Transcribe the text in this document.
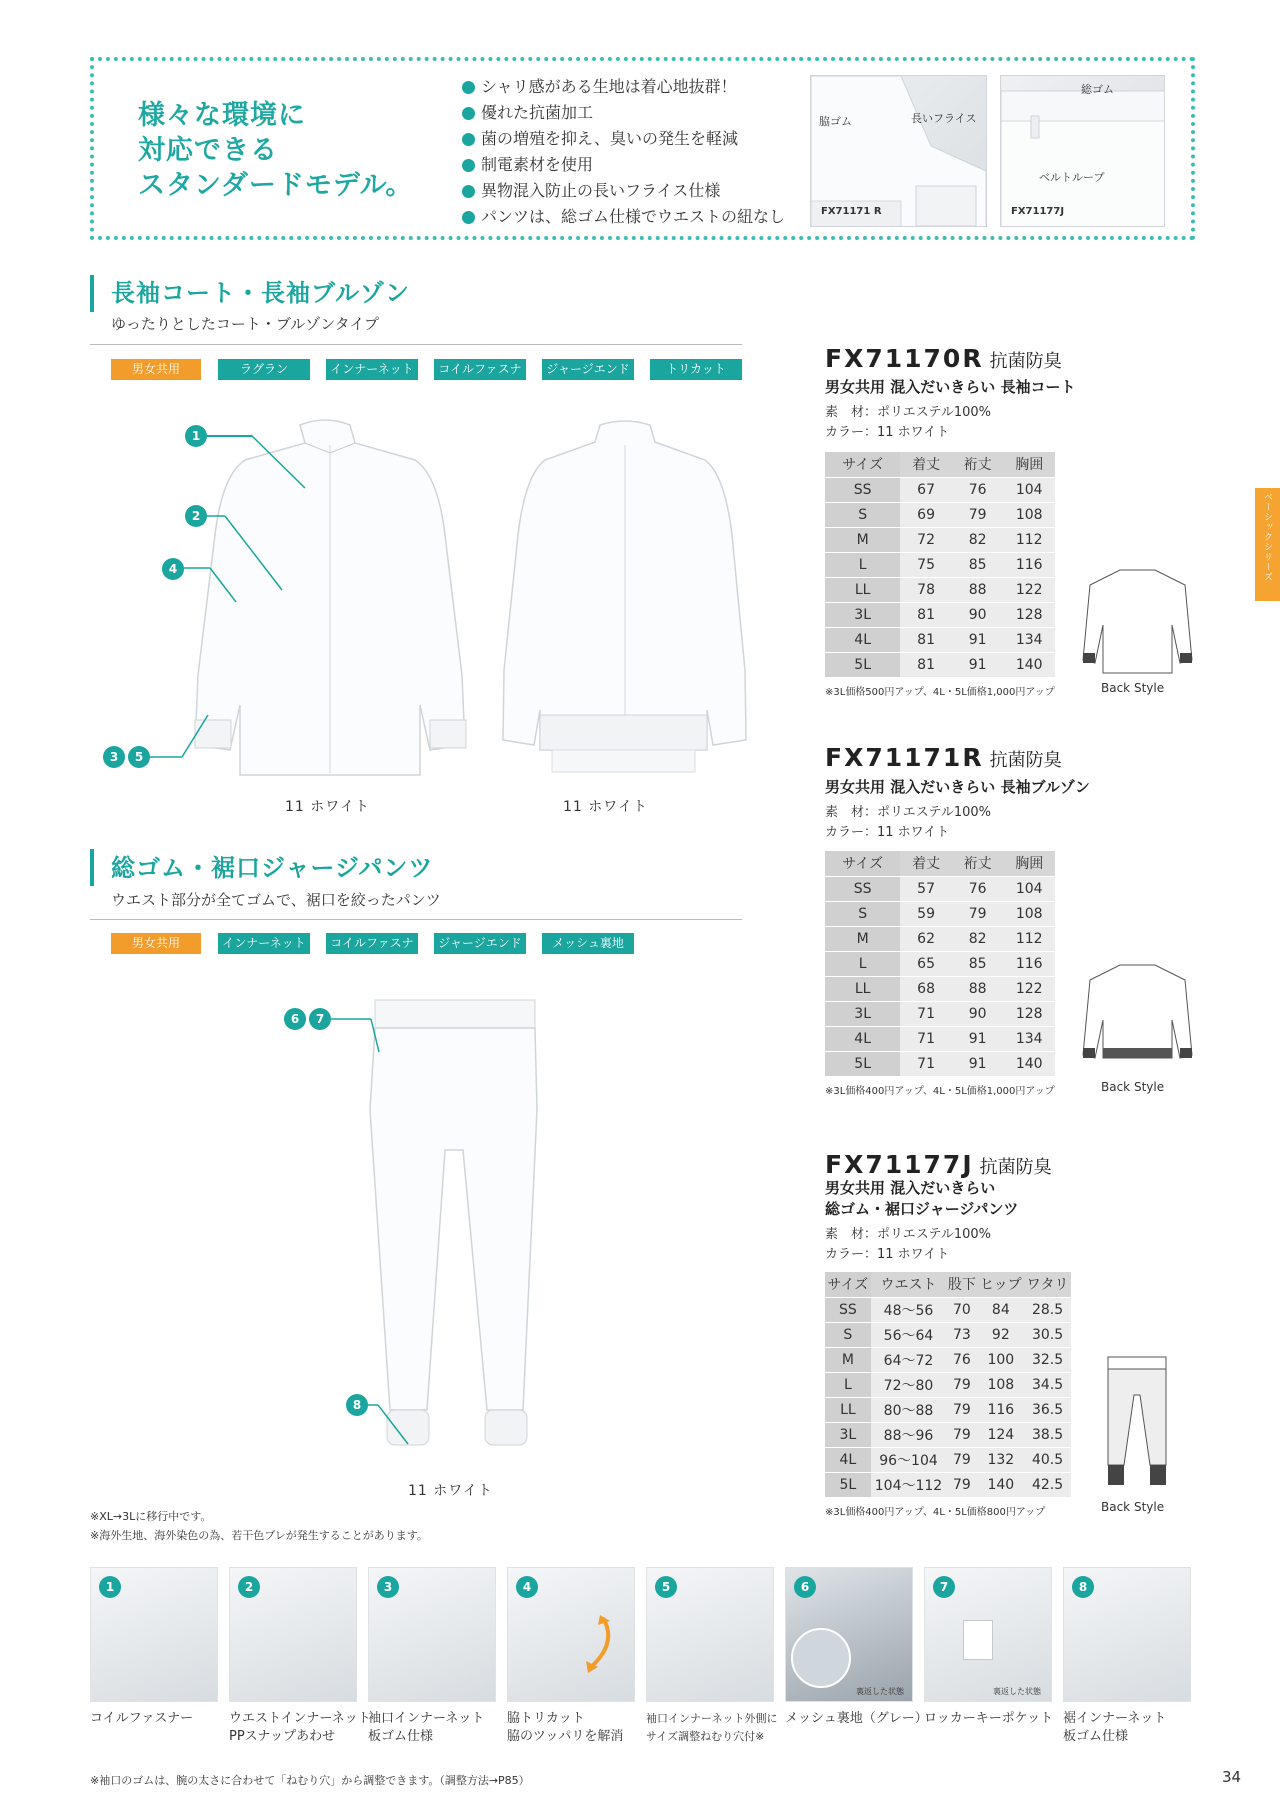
様々な環境に
対応できる
スタンダードモデル。
シャリ感がある生地は着心地抜群！
優れた抗菌加工
菌の増殖を抑え、臭いの発生を軽減
制電素材を使用
異物混入防止の長いフライス仕様
パンツは、総ゴム仕様でウエストの紐なし
脇ゴム	長いフライス
FX71171 R
総ゴム
ベルトループ
FX71177J
長袖コート・長袖ブルゾン
ゆったりとしたコート・ブルゾンタイプ
男女共用	ラグラン	インナーネット	コイルファスナー
ジャージエンド	トリカット
1
2
4
3	5
11 ホワイト	11 ホワイト
総ゴム・裾口ジャージパンツ
ウエスト部分が全てゴムで、裾口を絞ったパンツ
男女共用	インナーネット	コイルファスナー
ジャージエンド	メッシュ裏地
6	7
8
11 ホワイト
※XL→3Lに移行中です。
※海外生地、海外染色の為、若干色ブレが発生することがあります。
FX71170R 抗菌防臭
男女共用 混入だいきらい 長袖コート
素　材：ポリエステル100%
カラー：11 ホワイト
サイズ	着丈	裄丈	胸囲
SS	67	76	104
S	69	79	108
M	72	82	112
L	75	85	116
LL	78	88	122
3L	81	90	128
4L	81	91	134
5L	81	91	140
※3L価格500円アップ、4L・5L価格1,000円アップ	Back Style
FX71171R 抗菌防臭
男女共用 混入だいきらい 長袖ブルゾン
素　材：ポリエステル100%
カラー：11 ホワイト
サイズ	着丈	裄丈	胸囲
SS	57	76	104
S	59	79	108
M	62	82	112
L	65	85	116
LL	68	88	122
3L	71	90	128
4L	71	91	134
5L	71	91	140
※3L価格400円アップ、4L・5L価格1,000円アップ	Back Style
FX71177J 抗菌防臭
男女共用 混入だいきらい
総ゴム・裾口ジャージパンツ
素　材：ポリエステル100%
カラー：11 ホワイト
サイズ	ウエスト	股下	ヒップ	ワタリ
SS	48～56	70	84	28.5
S	56～64	73	92	30.5
M	64～72	76	100	32.5
L	72～80	79	108	34.5
LL	80～88	79	116	36.5
3L	88～96	79	124	38.5
4L	96～104	79	132	40.5
5L	104～112	79	140	42.5
※3L価格400円アップ、4L・5L価格800円アップ	Back Style
ベーシックシリーズ
1	2	3	4	5	6
裏返した状態
7
裏返した状態
8
コイルファスナー	ウエストインナーネット
PPスナップあわせ
袖口インナーネット
板ゴム仕様
脇トリカット
脇のツッパリを解消
袖口インナーネット外側に
サイズ調整ねむり穴付※
メッシュ裏地（グレー）
ロッカーキーポケット 裾インナーネット
板ゴム仕様
※袖口のゴムは、腕の太さに合わせて「ねむり穴」から調整できます。（調整方法→P85）	34
